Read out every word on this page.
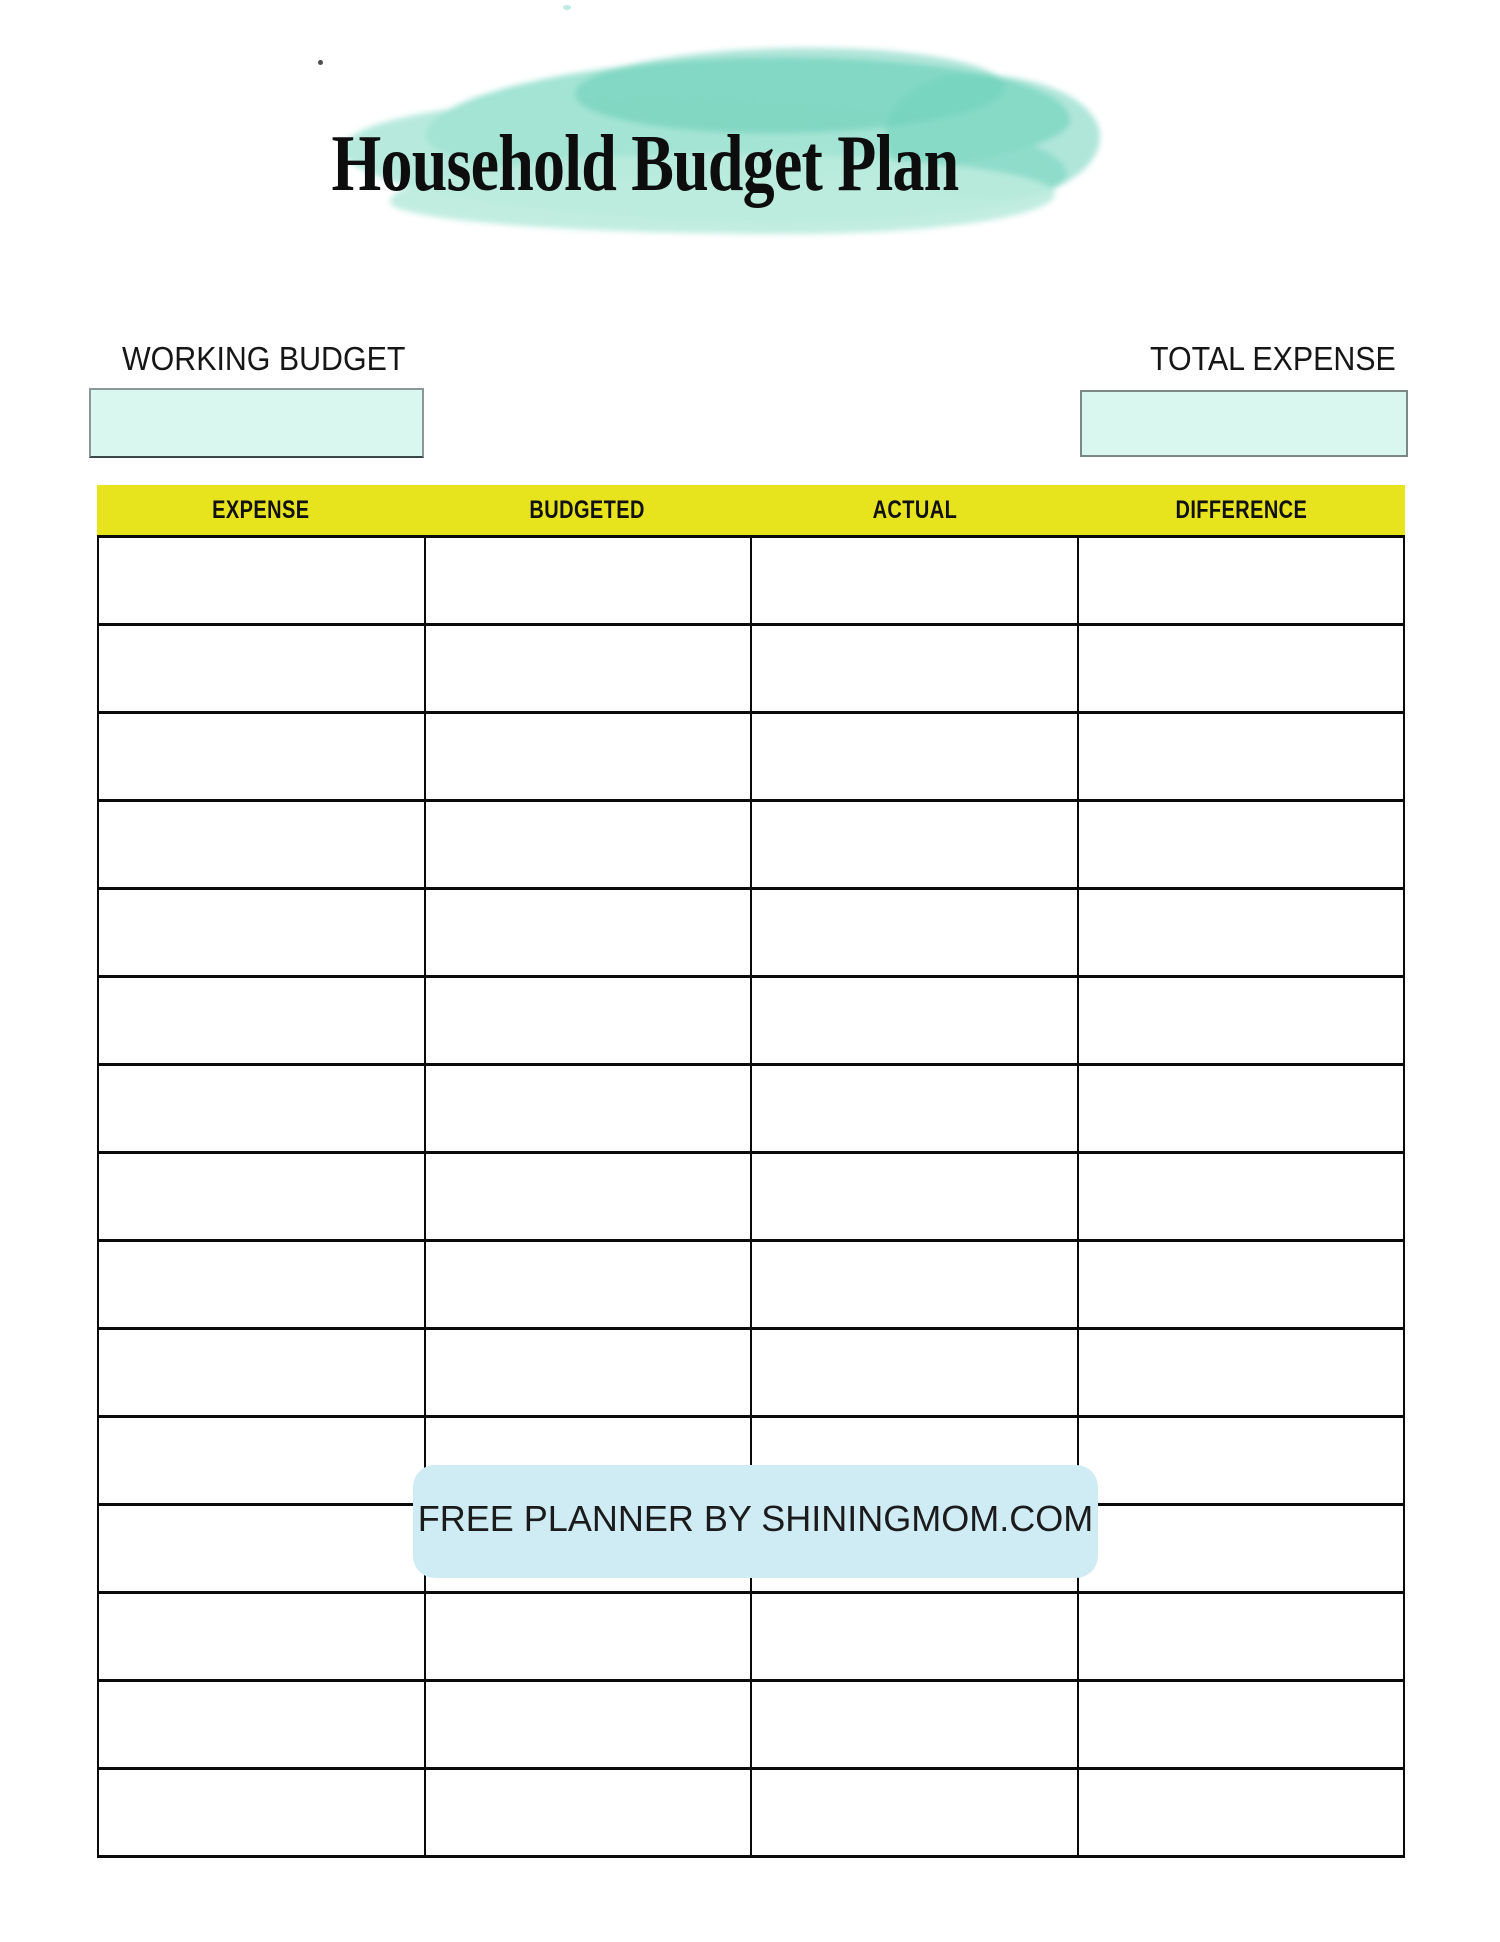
Household Budget Plan
WORKING BUDGET	TOTAL EXPENSE
EXPENSE	BUDGETED	ACTUAL	DIFFERENCE

FREE PLANNER BY SHININGMOM.COM
